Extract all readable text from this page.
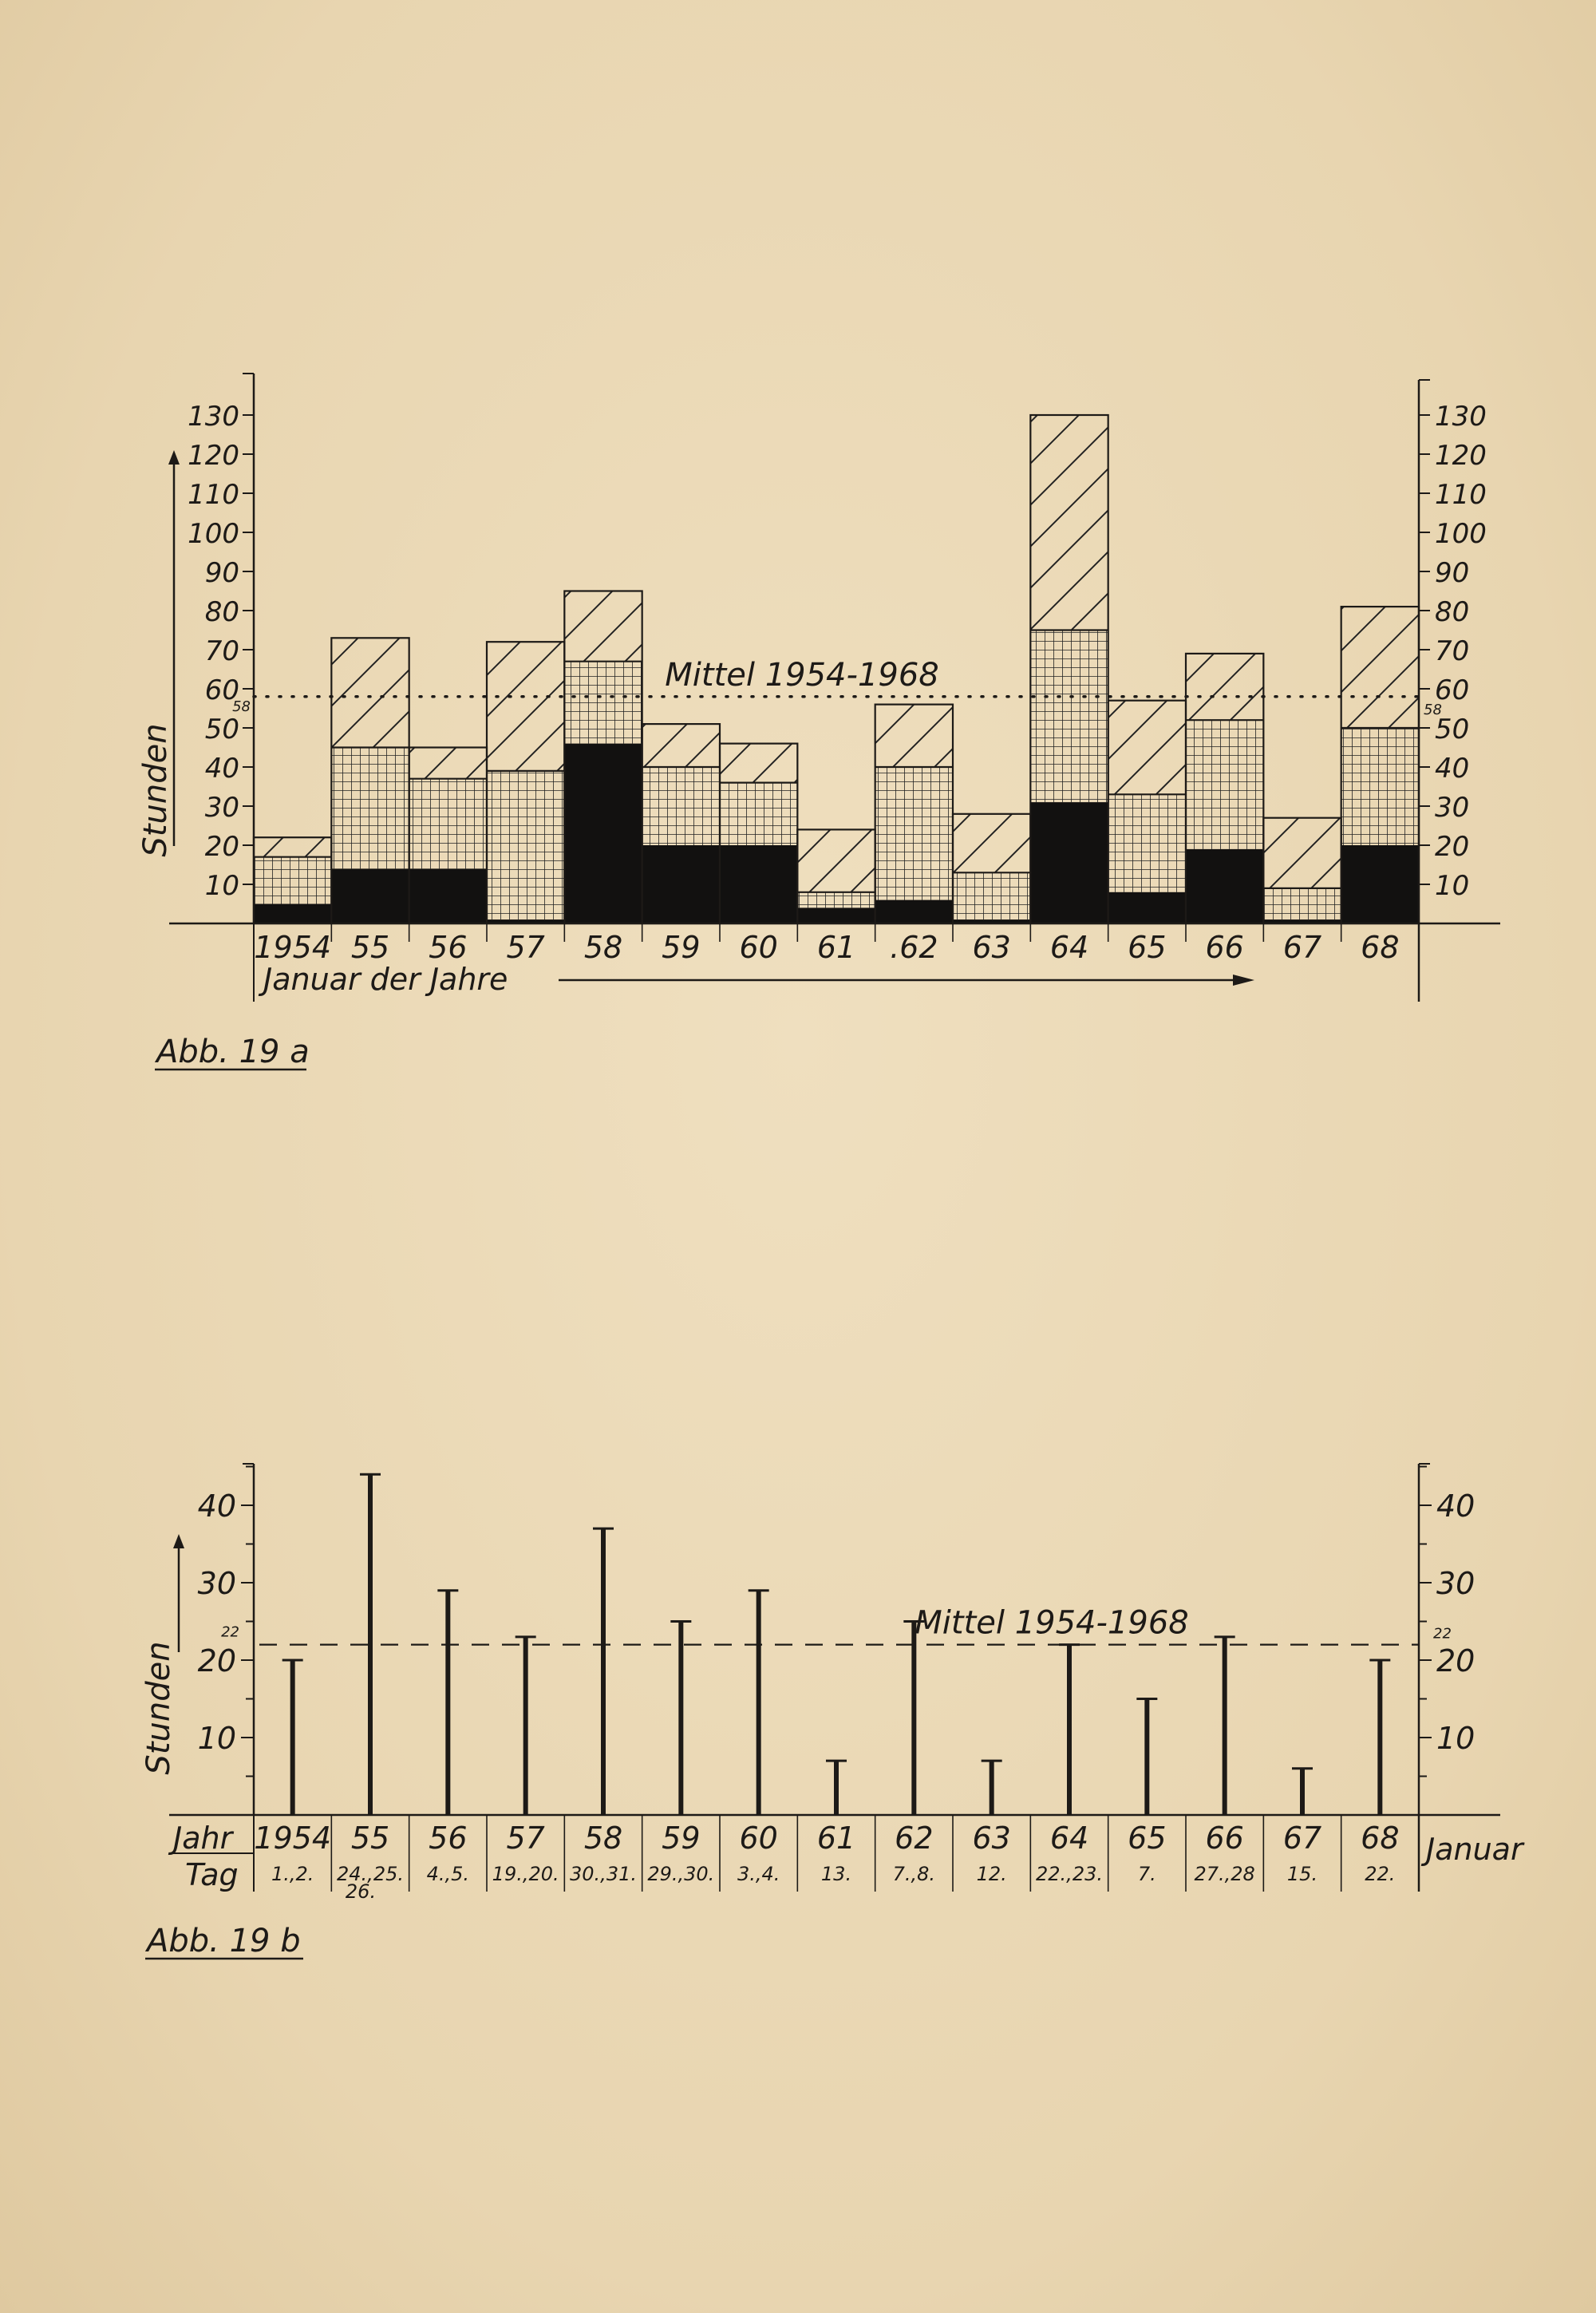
10	10
20	20
30	30
40	40
50	50
60	60
70	70
80	80
90	90
100	100
110	110
120	120
130	130
1954 55 56 57 58 59 60 61 .62 63 64 65 66 67 68
Mittel 1954-1968
58	58
Stunden
Januar der Jahre
Abb. 19 a
10	10
20	20
30	30
40	40
1954
1.,2.
55
24.,25.
26.
56
4.,5.
57
19.,20.
58
30.,31.
59
29.,30.
60
3.,4.
61
13.
62
7.,8.
63
12.
64
22.,23.
65
7.
66
27.,28
67
15.
68
22.
Jahr
Tag
Januar
Mittel 1954-1968
22	22
Stunden
Abb. 19 b
